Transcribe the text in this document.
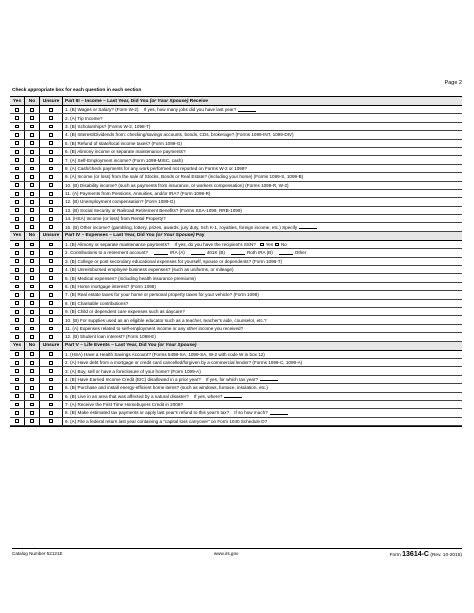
Page 2
Check appropriate box for each question in each section
Yes	No	Unsure	Part III – Income – Last Year, Did You (or Your Spouse) Receive
1. (B) Wages or Salary? (Form W-2)    If yes, how many jobs did you have last year?
2. (A) Tip Income?
3. (B) Scholarships? (Forms W-2, 1098-T)
4. (B) Interest/Dividends from: checking/savings accounts, bonds, CDs, brokerage? (Forms 1099-INT, 1099-DIV)
5. (B) Refund of state/local income taxes? (Form 1099-G)
6. (B) Alimony income or separate maintenance payments?
7. (A) Self-Employment income? (Form 1099-MISC, cash)
8. (A) Cash/check payments for any work performed not reported on Forms W-2 or 1099?
9. (A) Income (or loss) from the sale of Stocks, Bonds or Real Estate? (including your home) (Forms 1099-S, 1099-B)
10. (B) Disability income? (such as payments from insurance, or workers compensation) (Forms 1099-R, W-2)
11. (A) Payments from Pensions, Annuities, and/or IRA? (Form 1099-R)
12. (B) Unemployment compensation? (Form 1099-G)
13. (B) Social Security or Railroad Retirement Benefits? (Forms SSA-1099, RRB-1099)
14. (HSA) Income (or loss) from Rental Property?
15. (B) Other income? (gambling, lottery, prizes, awards, jury duty, Sch K-1, royalties, foreign income, etc.) Specify
Yes	No	Unsure	Part IV – Expenses – Last Year, Did You (or Your Spouse) Pay
1. (B) Alimony or separate maintenance payments?    If yes, do you have the recipient's SSN? Yes No
2. Contributions to a retirement account?	IRA (A)	401K (B)	Roth IRA (B)	Other
3. (B) College or post secondary educational expenses for yourself, spouse or dependents? (Form 1098-T)
4. (B) Unreimbursed employee business expenses? (such as uniforms, or mileage)
5. (B) Medical expenses? (including health insurance premiums)
6. (B) Home mortgage interest? (Form 1098)
7. (B) Real estate taxes for your home or personal property taxes for your vehicle? (Form 1098)
8. (B) Charitable contributions?
9. (B) Child or dependent care expenses such as daycare?
10. (B) For supplies used as an eligible educator such as a teacher, teacher's aide, counselor, etc.?
11. (A) Expenses related to self-employment income or any other income you received?
12. (B) Student loan interest? (Form 1098-E)
Yes	No	Unsure	Part V – Life Events – Last Year, Did You (or Your Spouse)
1. (HSA) Have a Health Savings Account? (Forms 5498-SA, 1099-SA, W-2 with code W in box 12)
2. (A) Have debt from a mortgage or credit card cancelled/forgiven by a commercial lender? (Forms 1099-C, 1099-A)
3. (A) Buy, sell or have a foreclosure of your home? (Form 1099-A)
4. (B) Have Earned Income Credit (EIC) disallowed in a prior year?    If yes, for which tax year?
5. (B) Purchase and install energy-efficient home items? (such as windows, furnace, insulation, etc.)
6. (B) Live in an area that was affected by a natural disaster?    If yes, where?
7. (A) Receive the First Time Homebuyers Credit in 2008?
8. (B) Make estimated tax payments or apply last year's refund to this year's tax?    If so how much?
9. (A) File a federal return last year containing a "capital loss carryover" on Form 1040 Schedule D?
Catalog Number 52121E	www.irs.gov	Form 13614-C (Rev. 10-2015)
